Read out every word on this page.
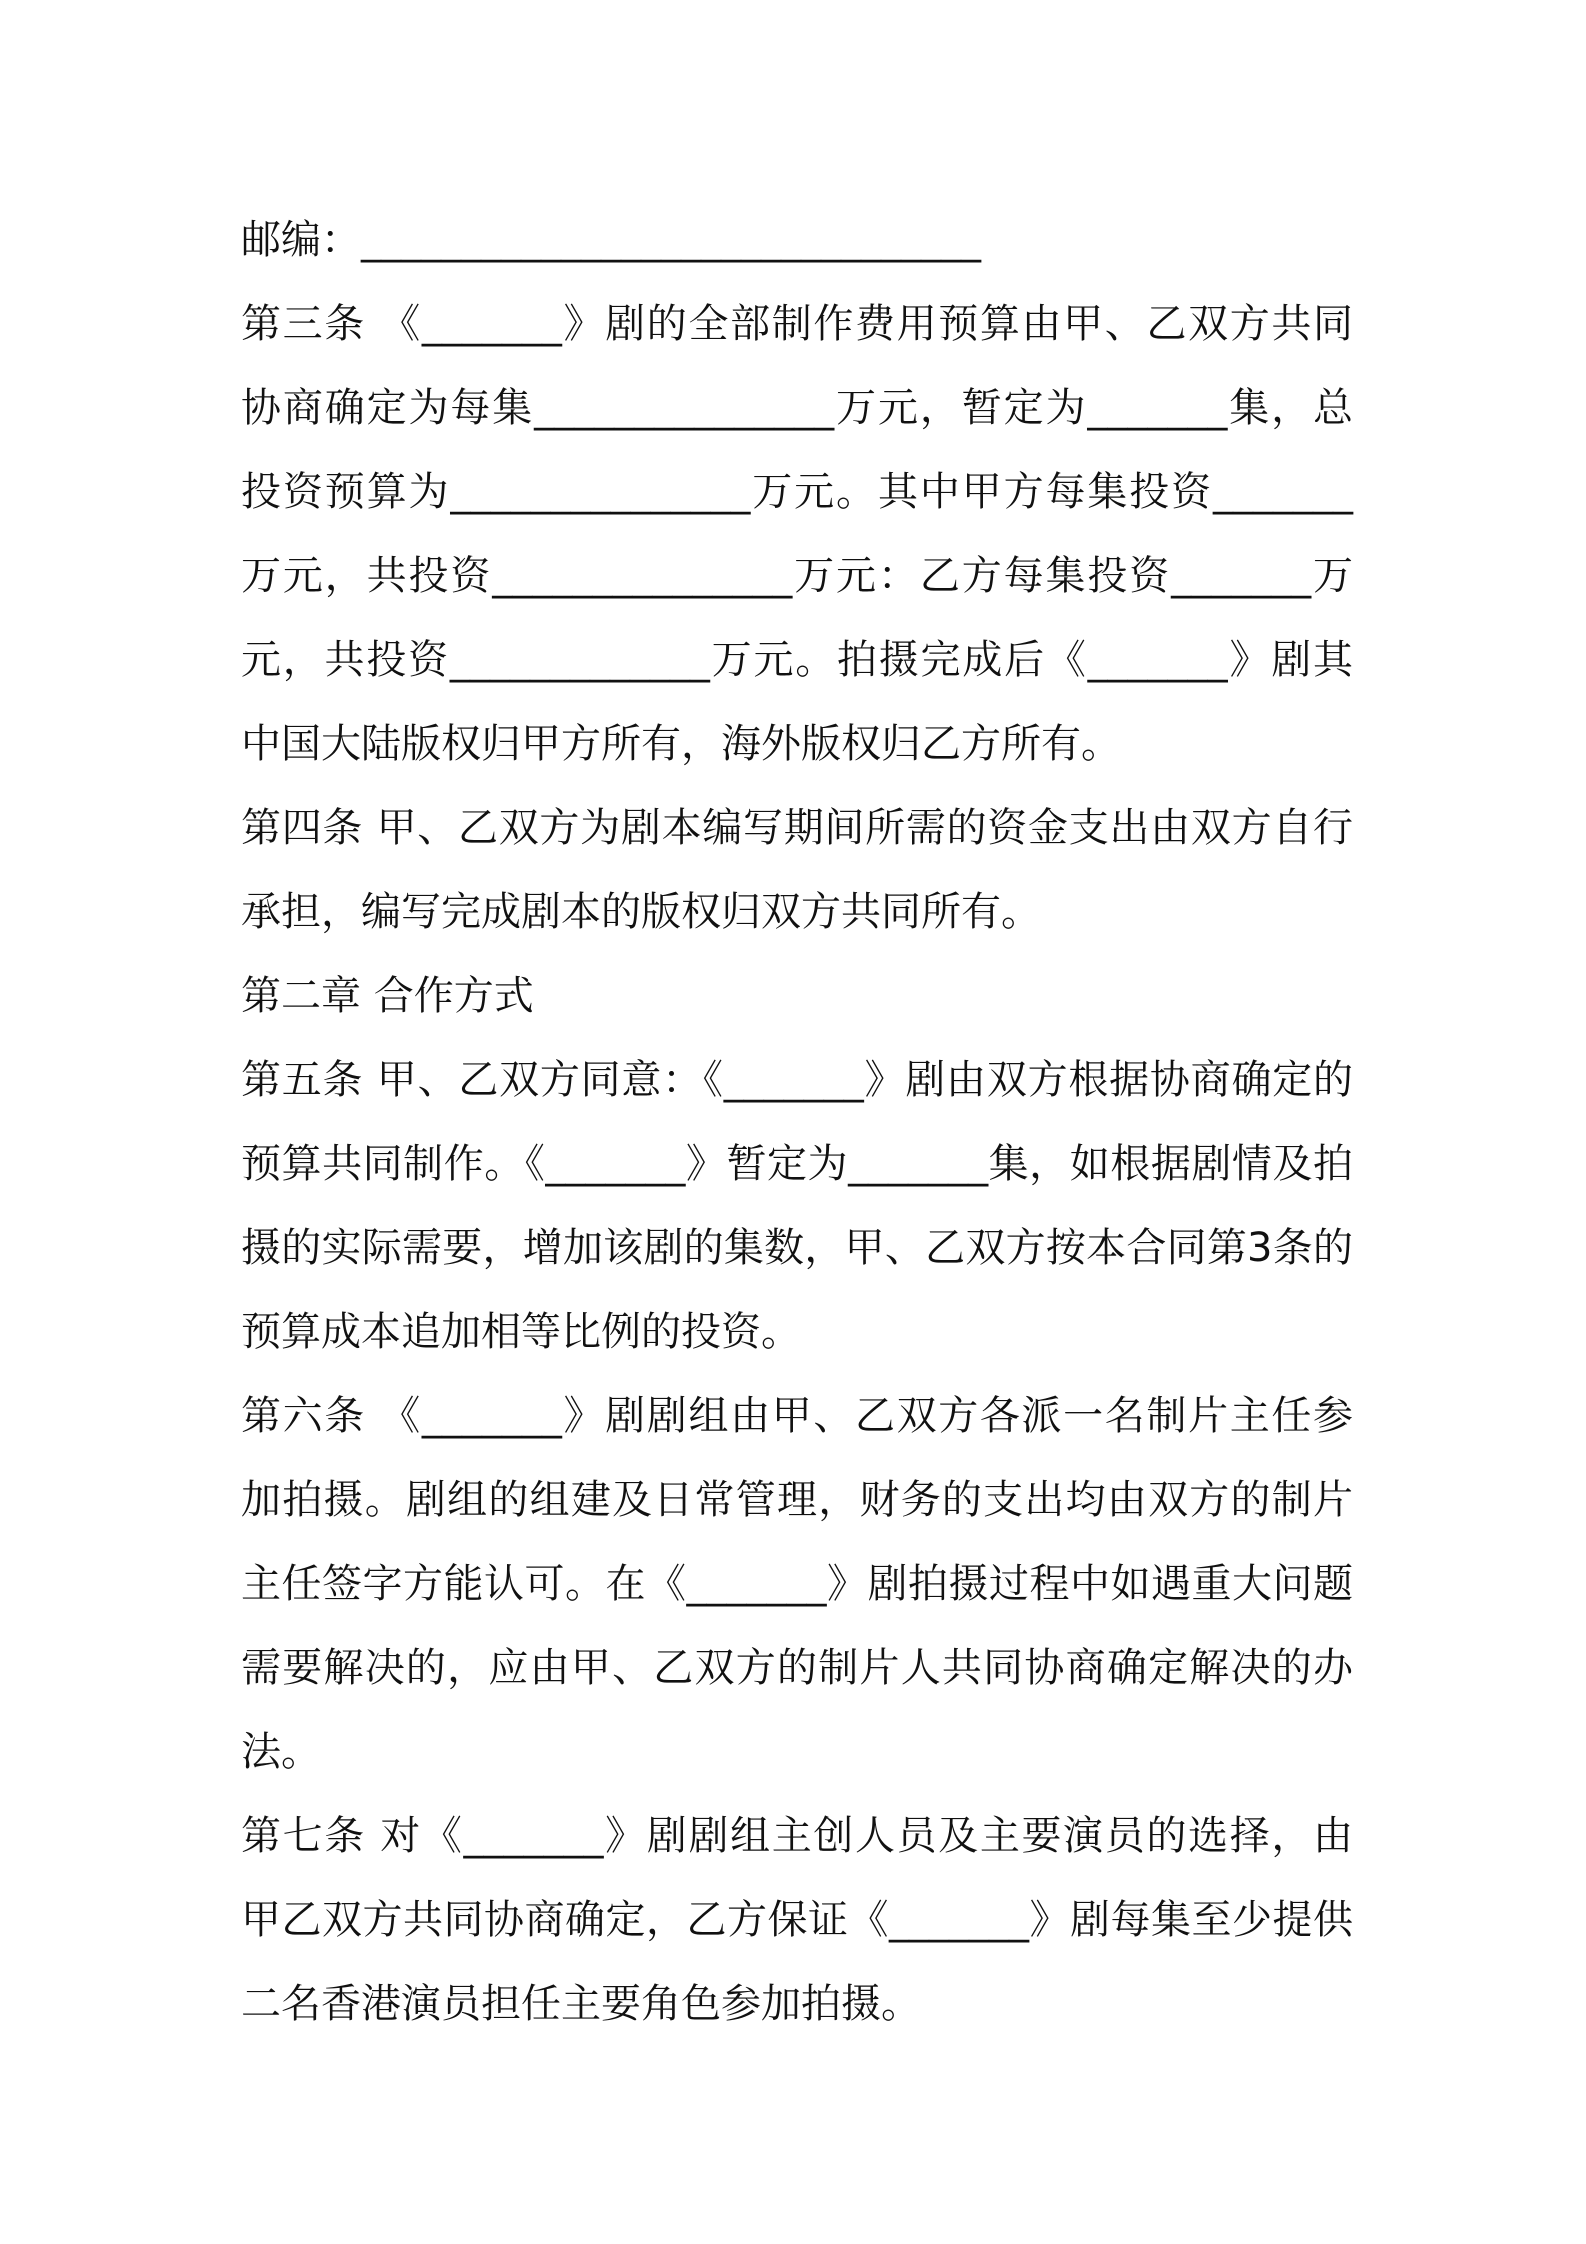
邮编：_______________________________

第三条 《_______》剧的全部制作费用预算由甲、乙双方共同协商确定为每集_______________万元，暂定为_______集，总投资预算为_______________万元。其中甲方每集投资_______万元，共投资_______________万元：乙方每集投资_______万元，共投资_____________万元。拍摄完成后《_______》剧其中国大陆版权归甲方所有，海外版权归乙方所有。

第四条 甲、乙双方为剧本编写期间所需的资金支出由双方自行承担，编写完成剧本的版权归双方共同所有。

第二章 合作方式

第五条 甲、乙双方同意：《_______》剧由双方根据协商确定的预算共同制作。《_______》暂定为_______集，如根据剧情及拍摄的实际需要，增加该剧的集数，甲、乙双方按本合同第3条的预算成本追加相等比例的投资。

第六条 《_______》剧剧组由甲、乙双方各派一名制片主任参加拍摄。剧组的组建及日常管理，财务的支出均由双方的制片主任签字方能认可。在《_______》剧拍摄过程中如遇重大问题需要解决的，应由甲、乙双方的制片人共同协商确定解决的办法。

第七条 对《_______》剧剧组主创人员及主要演员的选择，由甲乙双方共同协商确定，乙方保证《_______》剧每集至少提供二名香港演员担任主要角色参加拍摄。
